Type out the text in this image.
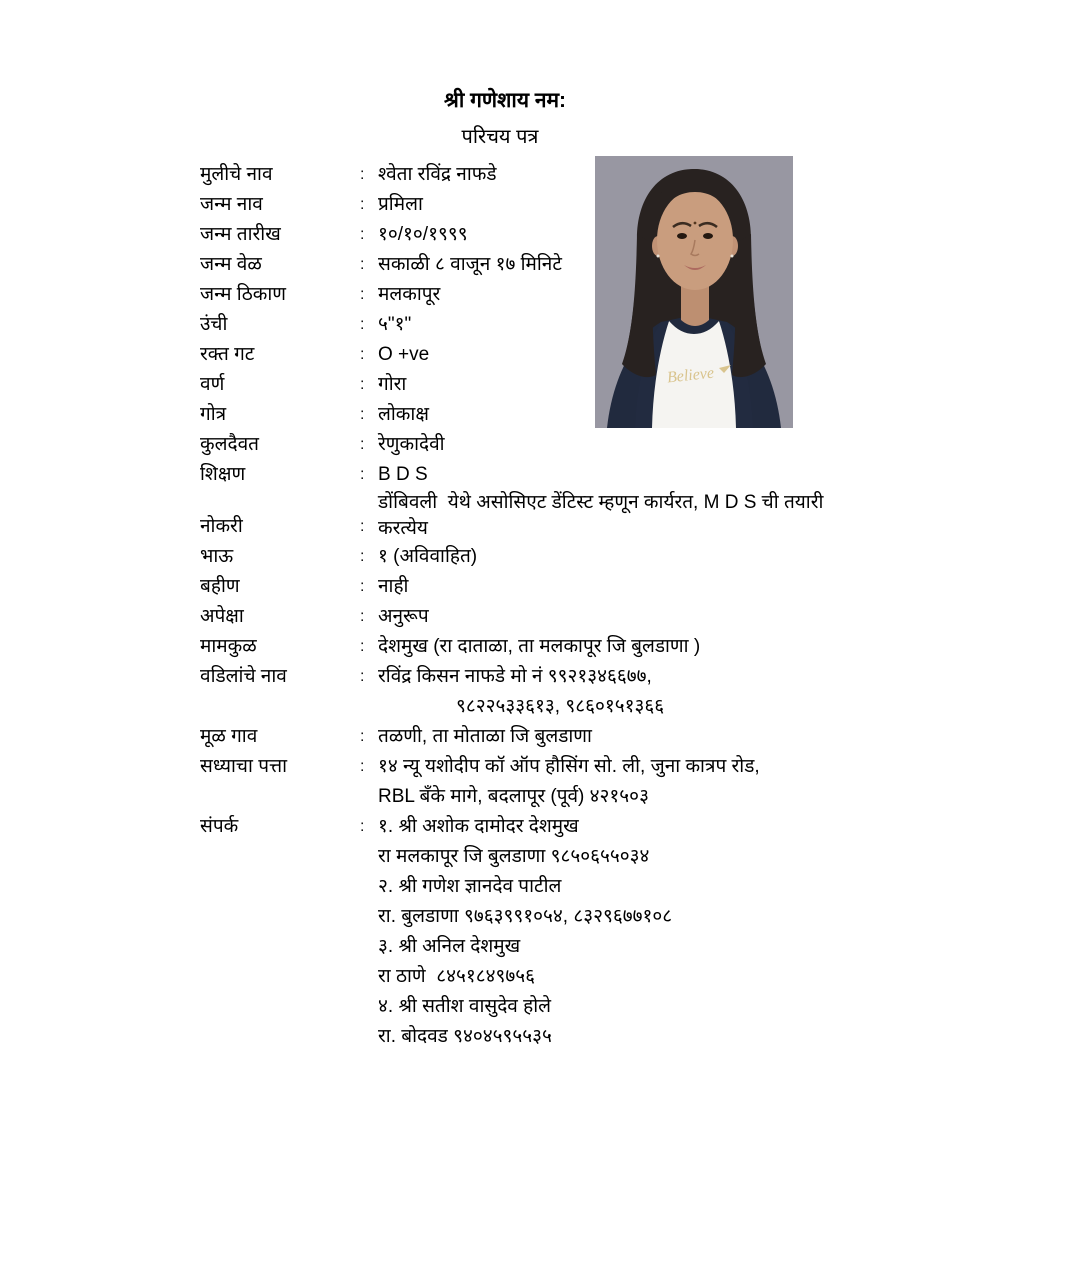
श्री गणेशाय नम:
परिचय पत्र
Believe
मुलीचे नाव	: श्वेता रविंद्र नाफडे
जन्म नाव	: प्रमिला
जन्म तारीख	: १०/१०/१९९९
जन्म वेळ	: सकाळी ८ वाजून १७ मिनिटे
जन्म ठिकाण	: मलकापूर
उंची	: ५"१"
रक्त गट	: O +ve
वर्ण	: गोरा
गोत्र	: लोकाक्ष
कुलदैवत	: रेणुकादेवी
शिक्षण	: B D S
नोकरी	:
डोंबिवली  येथे असोसिएट डेंटिस्ट म्हणून कार्यरत, M D S ची तयारी
करत्येय
भाऊ	: १ (अविवाहित)
बहीण	: नाही
अपेक्षा	: अनुरूप
मामकुळ	: देशमुख (रा दाताळा, ता मलकापूर जि बुलडाणा )
वडिलांचे नाव	: रविंद्र किसन नाफडे मो नं ९९२१३४६६७७,
९८२२५३३६१३, ९८६०१५१३६६
मूळ गाव	: तळणी, ता मोताळा जि बुलडाणा
सध्याचा पत्ता	: १४ न्यू यशोदीप कॉ ऑप हौसिंग सो. ली, जुना कात्रप रोड,
RBL बँके मागे, बदलापूर (पूर्व) ४२१५०३
संपर्क	: १. श्री अशोक दामोदर देशमुख
रा मलकापूर जि बुलडाणा ९८५०६५५०३४
२. श्री गणेश ज्ञानदेव पाटील
रा. बुलडाणा ९७६३९९१०५४, ८३२९६७७१०८
३. श्री अनिल देशमुख
रा ठाणे  ८४५१८४९७५६
४. श्री सतीश वासुदेव होले
रा. बोदवड ९४०४५९५५३५
